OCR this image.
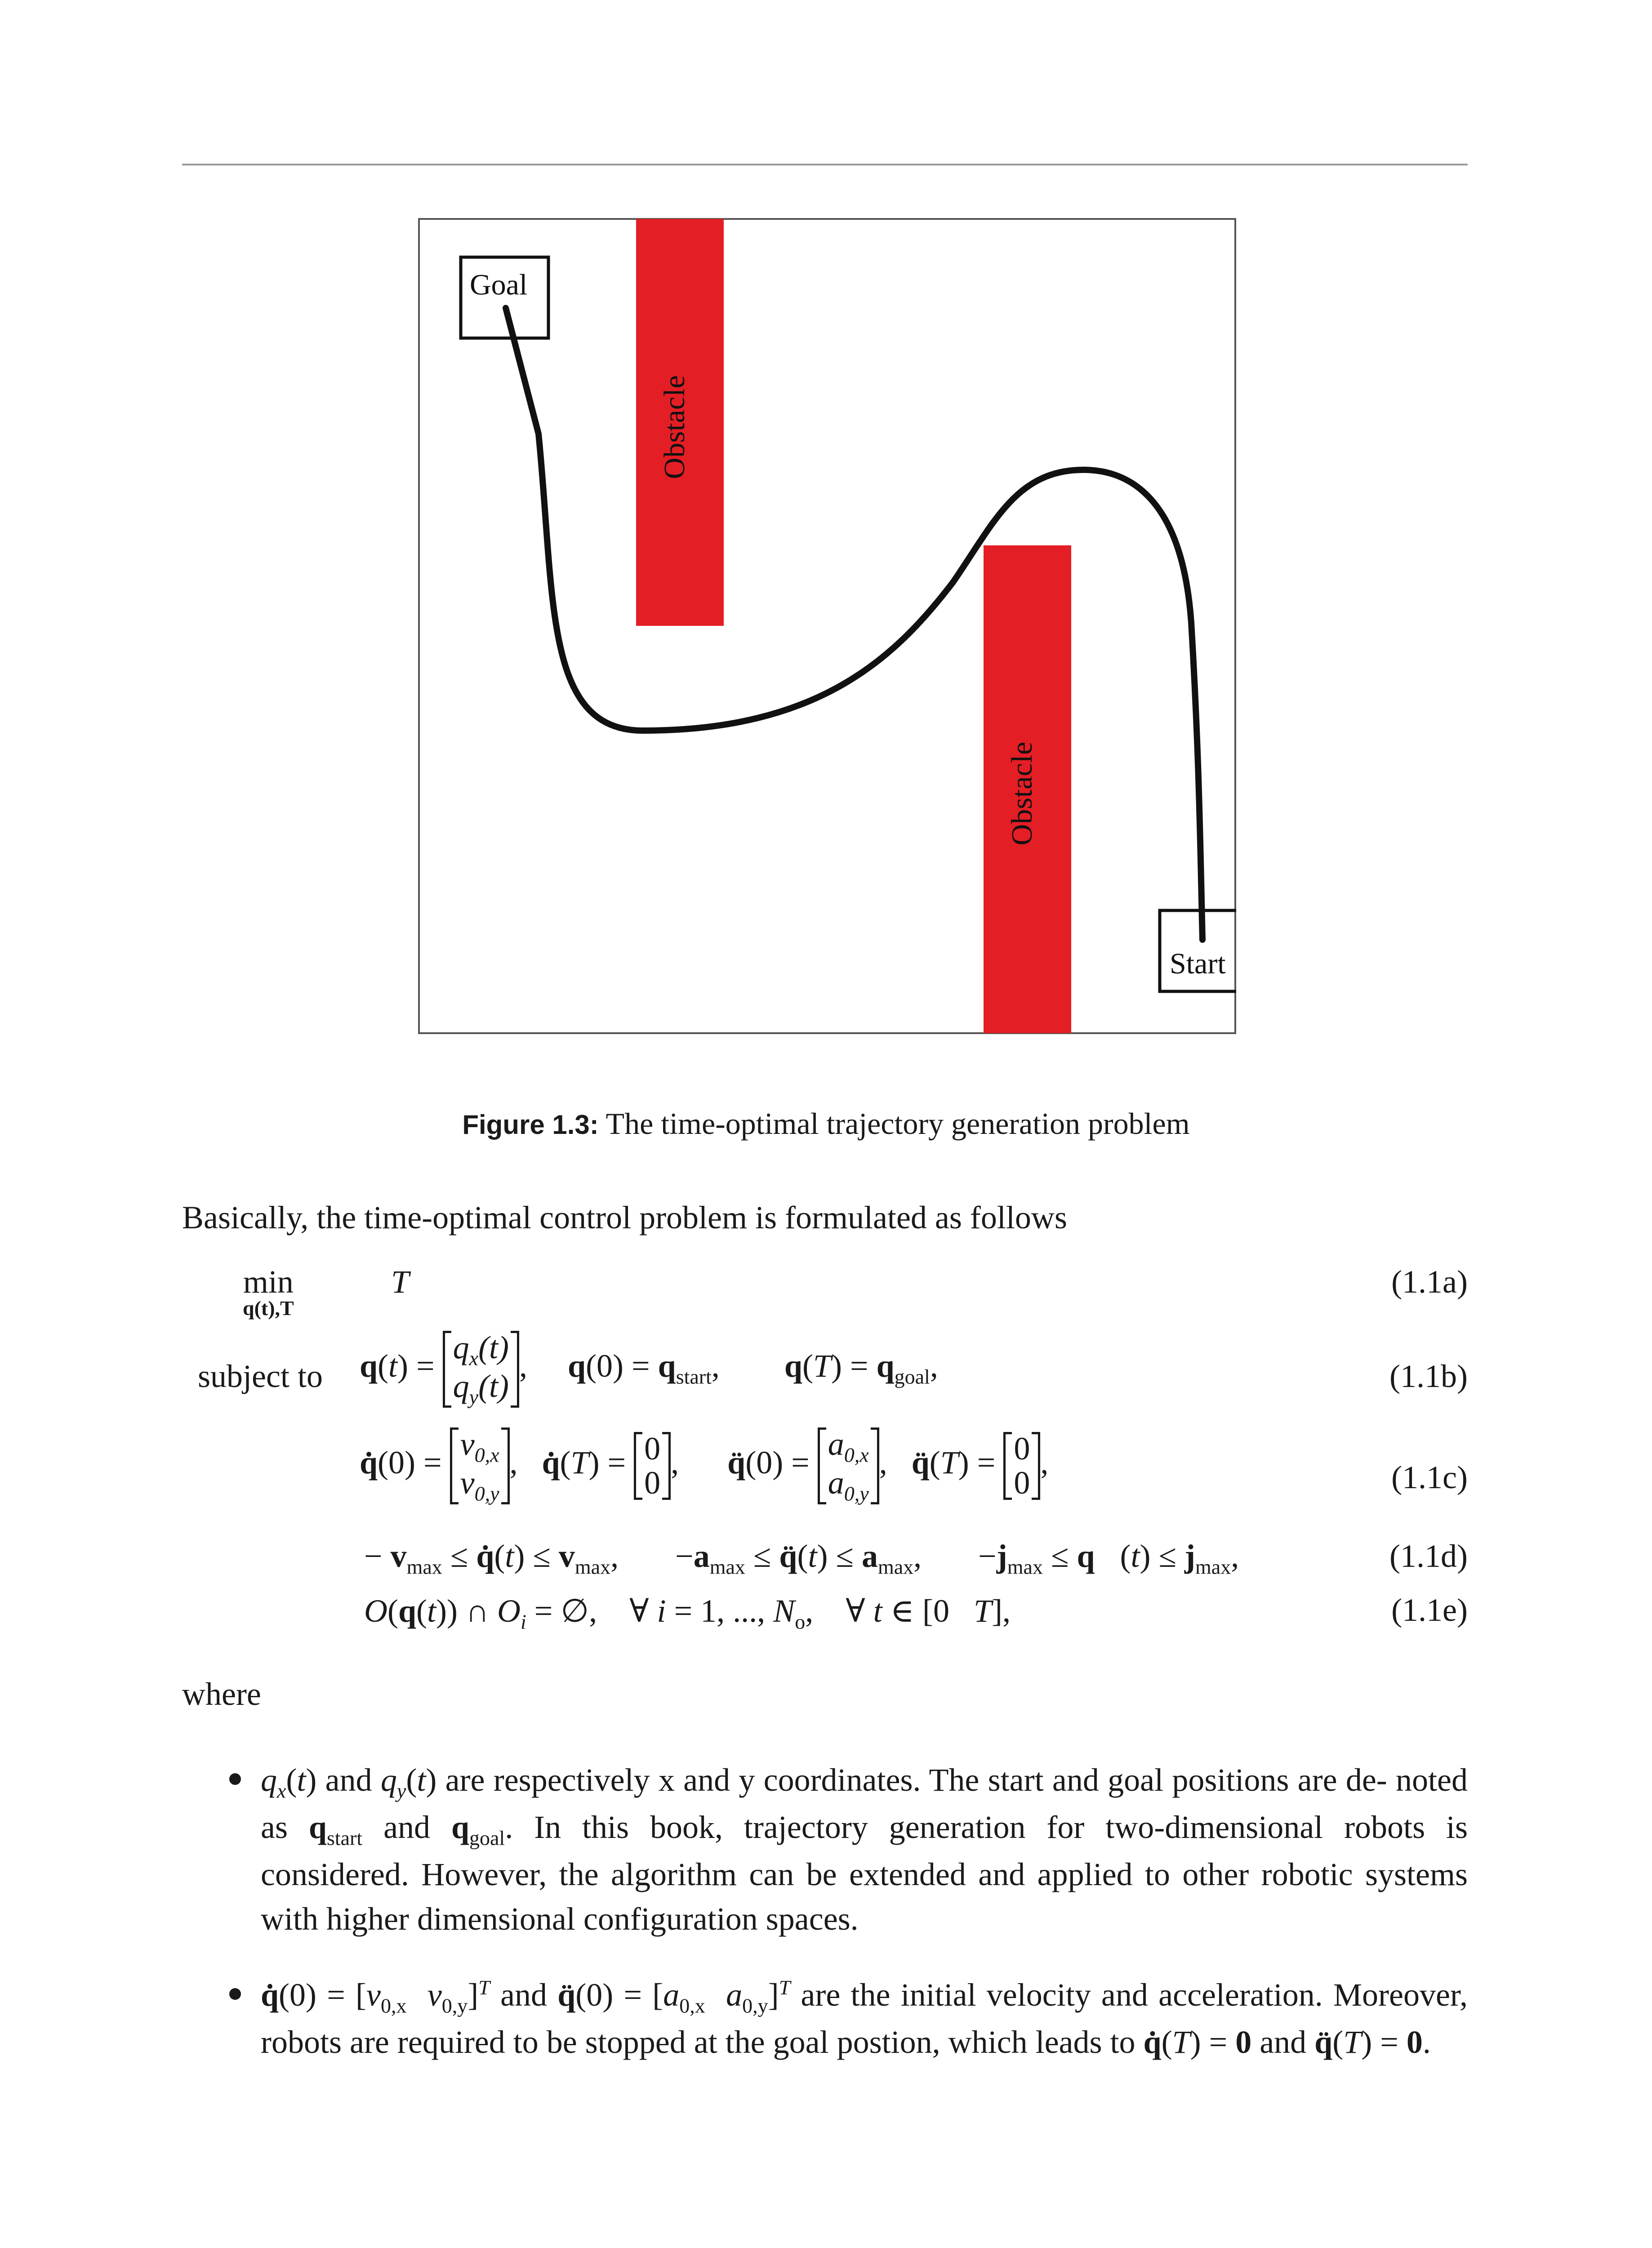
Obstacle
Obstacle
Goal
Start
Figure 1.3: The time-optimal trajectory generation problem
Basically, the time-optimal control problem is formulated as follows
min
q(t),T
T	(1.1a)
subject to q(t) =
$q_x(t)$
$q_y(t)$
,     $q(0) = q_{start}$,        $q(T) = q_{goal}$,	(1.1b)
q̇(0) =
$v_{0,x}$
$v_{0,y}$
,   q̇(T) = 0
0
,      q̈(0) =
$a_{0,x}$
$a_{0,y}$
,   q̈(T) = 0
0
,	(1.1c)
− $v_{max}$ ≤ q̇(t) ≤ $v_{max}$,       $-a_{max}$ ≤ q̈(t) ≤ $a_{max}$,       $-j_{max}$ ≤ q⃛(t) ≤ $j_{max}$,	(1.1d)
O(q(t)) ∩ $O_i$ = ∅,    ∀ i = 1, ..., $N_o$,    ∀ t ∈ [0   T],	(1.1e)
where
$q_x(t)$ and $q_y(t)$ are respectively x and y coordinates. The start and goal positions are de- noted as $q_{start}$ and $q_{goal}$. In this book, trajectory generation for two-dimensional robots is considered. However, the algorithm can be extended and applied to other robotic systems with higher dimensional configuration spaces.
q̇(0) = [$v_{0,x}$ $v_{0,y}]^T$ and q̈(0) = [$a_{0,x}$ $a_{0,y}]^T$ are the initial velocity and acceleration. Moreover, robots are required to be stopped at the goal postion, which leads to q̇(T) = 0 and q̈(T) = 0.
